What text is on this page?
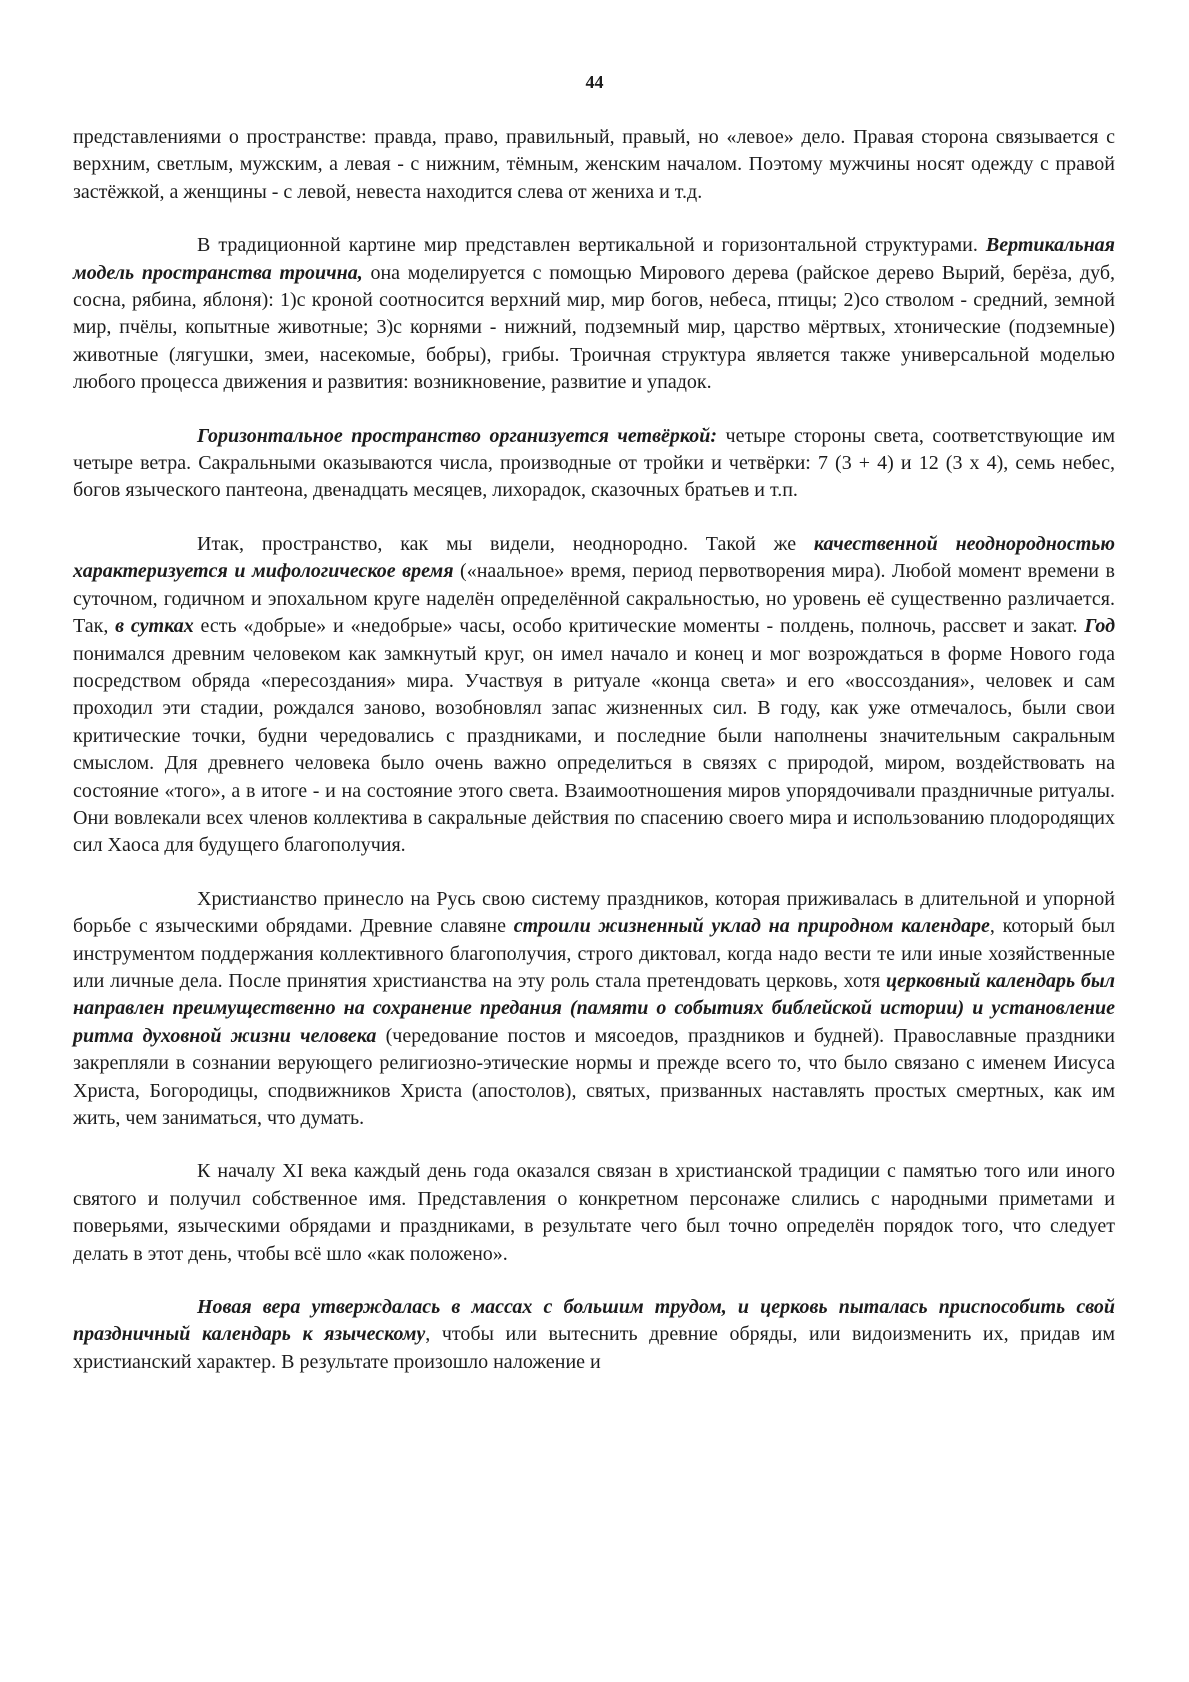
44

представлениями о пространстве: правда, право, правильный, правый, но «левое» дело. Правая сторона связывается с верхним, светлым, мужским, а левая - с нижним, тёмным, женским началом. Поэтому мужчины носят одежду с правой застёжкой, а женщины - с левой, невеста находится слева от жениха и т.д.

В традиционной картине мир представлен вертикальной и горизонтальной структурами. Вертикальная модель пространства троична, она моделируется с помощью Мирового дерева (райское дерево Вырий, берёза, дуб, сосна, рябина, яблоня): 1)с кроной соотносится верхний мир, мир богов, небеса, птицы; 2)со стволом - средний, земной мир, пчёлы, копытные животные; 3)с корнями - нижний, подземный мир, царство мёртвых, хтонические (подземные) животные (лягушки, змеи, насекомые, бобры), грибы. Троичная структура является также универсальной моделью любого процесса движения и развития: возникновение, развитие и упадок.

Горизонтальное пространство организуется четвёркой: четыре стороны света, соответствующие им четыре ветра. Сакральными оказываются числа, производные от тройки и четвёрки: 7 (3 + 4) и 12 (3 х 4), семь небес, богов языческого пантеона, двенадцать месяцев, лихорадок, сказочных братьев и т.п.

Итак, пространство, как мы видели, неоднородно. Такой же качественной неоднородностью характеризуется и мифологическое время («наальное» время, период первотворения мира). Любой момент времени в суточном, годичном и эпохальном круге наделён определённой сакральностью, но уровень её существенно различается. Так, в сутках есть «добрые» и «недобрые» часы, особо критические моменты - полдень, полночь, рассвет и закат. Год понимался древним человеком как замкнутый круг, он имел начало и конец и мог возрождаться в форме Нового года посредством обряда «пересоздания» мира. Участвуя в ритуале «конца света» и его «воссоздания», человек и сам проходил эти стадии, рождался заново, возобновлял запас жизненных сил. В году, как уже отмечалось, были свои критические точки, будни чередовались с праздниками, и последние были наполнены значительным сакральным смыслом. Для древнего человека было очень важно определиться в связях с природой, миром, воздействовать на состояние «того», а в итоге - и на состояние этого света. Взаимоотношения миров упорядочивали праздничные ритуалы. Они вовлекали всех членов коллектива в сакральные действия по спасению своего мира и использованию плодородящих сил Хаоса для будущего благополучия.

Христианство принесло на Русь свою систему праздников, которая приживалась в длительной и упорной борьбе с языческими обрядами. Древние славяне строили жизненный уклад на природном календаре, который был инструментом поддержания коллективного благополучия, строго диктовал, когда надо вести те или иные хозяйственные или личные дела. После принятия христианства на эту роль стала претендовать церковь, хотя церковный календарь был направлен преимущественно на сохранение предания (памяти о событиях библейской истории) и установление ритма духовной жизни человека (чередование постов и мясоедов, праздников и будней). Православные праздники закрепляли в сознании верующего религиозно-этические нормы и прежде всего то, что было связано с именем Иисуса Христа, Богородицы, сподвижников Христа (апостолов), святых, призванных наставлять простых смертных, как им жить, чем заниматься, что думать.

К началу XI века каждый день года оказался связан в христианской традиции с памятью того или иного святого и получил собственное имя. Представления о конкретном персонаже слились с народными приметами и поверьями, языческими обрядами и праздниками, в результате чего был точно определён порядок того, что следует делать в этот день, чтобы всё шло «как положено».

Новая вера утверждалась в массах с большим трудом, и церковь пыталась приспособить свой праздничный календарь к языческому, чтобы или вытеснить древние обряды, или видоизменить их, придав им христианский характер. В результате произошло наложение и
